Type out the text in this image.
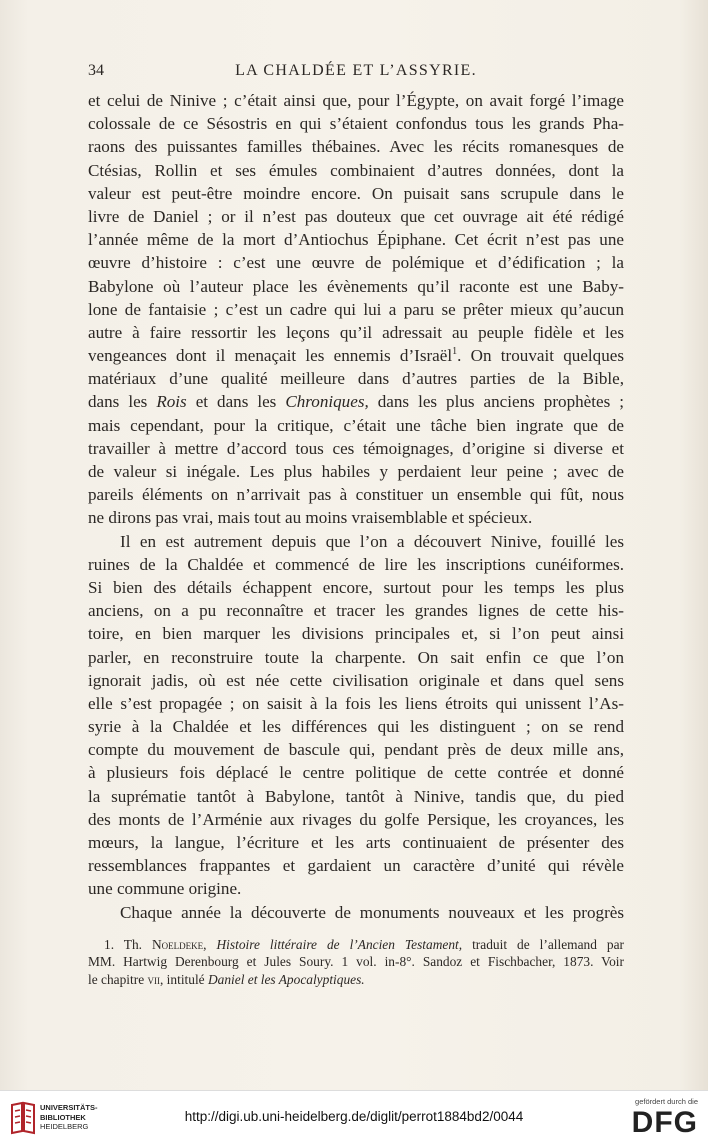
34	LA CHALDÉE ET L’ASSYRIE.
et celui de Ninive ; c’était ainsi que, pour l’Égypte, on avait forgé l’image
colossale de ce Sésostris en qui s’étaient confondus tous les grands Pha-
raons des puissantes familles thébaines. Avec les récits romanesques de
Ctésias, Rollin et ses émules combinaient d’autres données, dont la
valeur est peut-être moindre encore. On puisait sans scrupule dans le
livre de Daniel ; or il n’est pas douteux que cet ouvrage ait été rédigé
l’année même de la mort d’Antiochus Épiphane. Cet écrit n’est pas une
œuvre d’histoire : c’est une œuvre de polémique et d’édification ; la
Babylone où l’auteur place les évènements qu’il raconte est une Baby-
lone de fantaisie ; c’est un cadre qui lui a paru se prêter mieux qu’aucun
autre à faire ressortir les leçons qu’il adressait au peuple fidèle et les
vengeances dont il menaçait les ennemis d’Israël$^1$. On trouvait quelques
matériaux d’une qualité meilleure dans d’autres parties de la Bible,
dans les Rois et dans les Chroniques, dans les plus anciens prophètes ;
mais cependant, pour la critique, c’était une tâche bien ingrate que de
travailler à mettre d’accord tous ces témoignages, d’origine si diverse et
de valeur si inégale. Les plus habiles y perdaient leur peine ; avec de
pareils éléments on n’arrivait pas à constituer un ensemble qui fût, nous
ne dirons pas vrai, mais tout au moins vraisemblable et spécieux.
Il en est autrement depuis que l’on a découvert Ninive, fouillé les
ruines de la Chaldée et commencé de lire les inscriptions cunéiformes.
Si bien des détails échappent encore, surtout pour les temps les plus
anciens, on a pu reconnaître et tracer les grandes lignes de cette his-
toire, en bien marquer les divisions principales et, si l’on peut ainsi
parler, en reconstruire toute la charpente. On sait enfin ce que l’on
ignorait jadis, où est née cette civilisation originale et dans quel sens
elle s’est propagée ; on saisit à la fois les liens étroits qui unissent l’As-
syrie à la Chaldée et les différences qui les distinguent ; on se rend
compte du mouvement de bascule qui, pendant près de deux mille ans,
à plusieurs fois déplacé le centre politique de cette contrée et donné
la suprématie tantôt à Babylone, tantôt à Ninive, tandis que, du pied
des monts de l’Arménie aux rivages du golfe Persique, les croyances, les
mœurs, la langue, l’écriture et les arts continuaient de présenter des
ressemblances frappantes et gardaient un caractère d’unité qui révèle
une commune origine.
Chaque année la découverte de monuments nouveaux et les progrès
1. Th. Noeldeke, Histoire littéraire de l’Ancien Testament, traduit de l’allemand par
MM. Hartwig Derenbourg et Jules Soury. 1 vol. in-8°. Sandoz et Fischbacher, 1873. Voir
le chapitre vii, intitulé Daniel et les Apocalyptiques.
UNIVERSITÄTS-
BIBLIOTHEK
HEIDELBERG
http://digi.ub.uni-heidelberg.de/diglit/perrot1884bd2/0044
gefördert durch die
DFG
